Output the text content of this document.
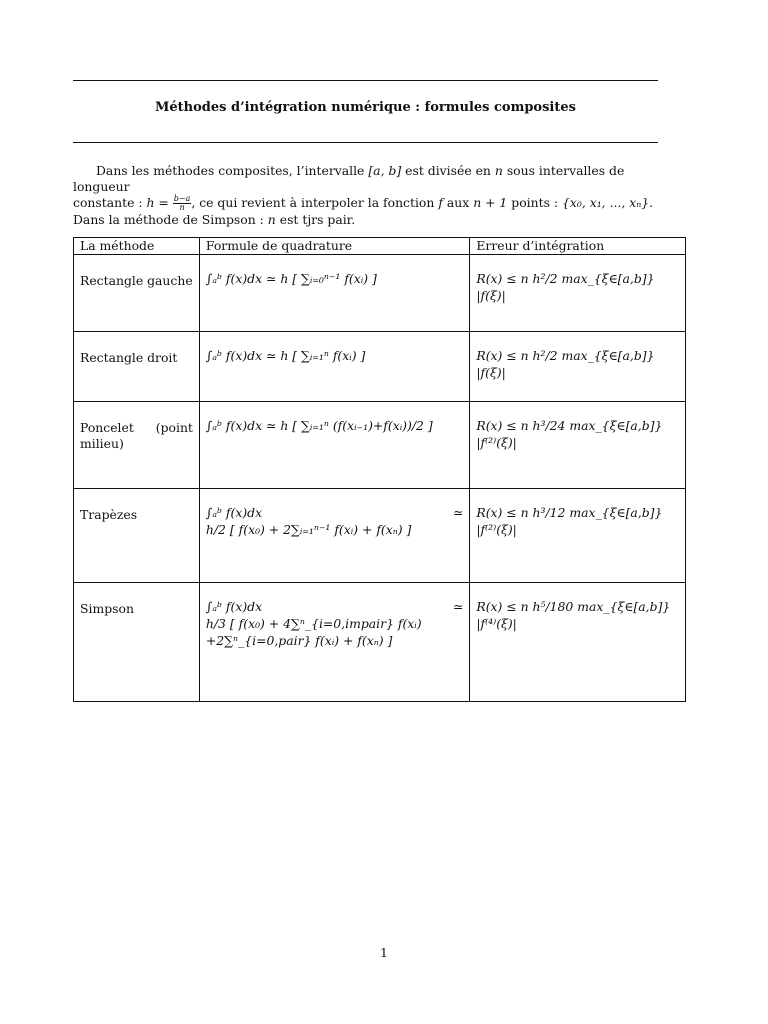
Méthodes d’intégration numérique : formules composites

Dans les méthodes composites, l’intervalle [a, b] est divisée en n sous intervalles de longueur

constante : $h = \frac{b-a}{n}$ , ce qui revient à interpoler la fonction f aux n + 1 points : {x₀, x₁, ..., xₙ}.

Dans la méthode de Simpson : n est tjrs pair.

La méthode	Formule de quadrature	Erreur d’intégration
Rectangle gauche	∫ₐᵇ f(x)dx ≃ h [ ∑ᵢ₌₀ⁿ⁻¹ f(xᵢ) ]	R(x) ≤ n h²/2 max_{ξ∈[a,b]} |f(ξ)|
Rectangle droit	∫ₐᵇ f(x)dx ≃ h [ ∑ᵢ₌₁ⁿ f(xᵢ) ]	R(x) ≤ n h²/2 max_{ξ∈[a,b]} |f(ξ)|

Poncelet (point
milieu)	∫ₐᵇ f(x)dx ≃ h [ ∑ᵢ₌₁ⁿ (f(xᵢ₋₁)+f(xᵢ))/2 ]	R(x) ≤ n h³/24 max_{ξ∈[a,b]} |f⁽²⁾(ξ)|
Trapèzes	∫ₐᵇ f(x)dx ≃
h/2 [ f(x₀) + 2∑ᵢ₌₁ⁿ⁻¹ f(xᵢ) + f(xₙ) ]	R(x) ≤ n h³/12 max_{ξ∈[a,b]} |f⁽²⁾(ξ)|
Simpson	∫ₐᵇ f(x)dx ≃
h/3 [ f(x₀) + 4∑ⁿ_{i=0,impair} f(xᵢ)
+2∑ⁿ_{i=0,pair} f(xᵢ) + f(xₙ) ]	R(x) ≤ n h⁵/180 max_{ξ∈[a,b]} |f⁽⁴⁾(ξ)|
1
